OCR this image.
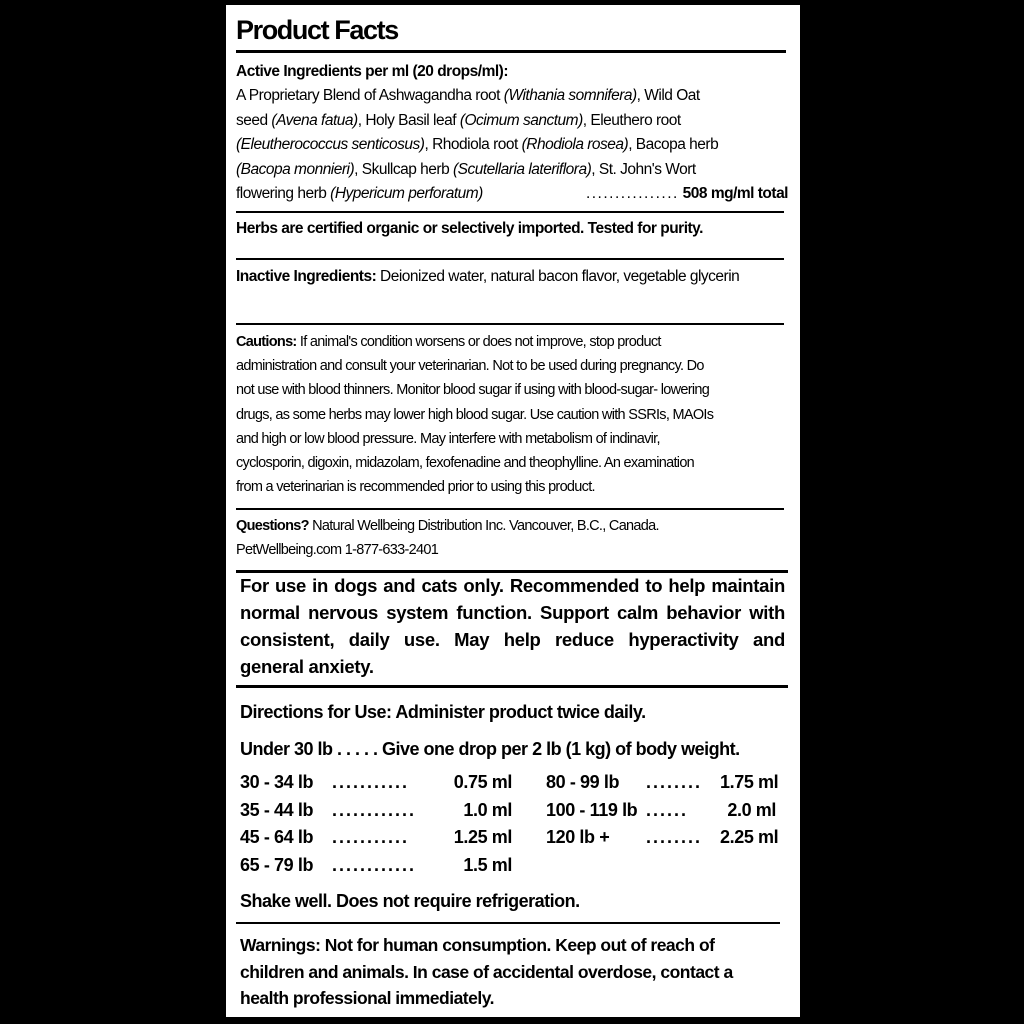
Product Facts
Active Ingredients per ml (20 drops/ml):
A Proprietary Blend of Ashwagandha root (Withania somnifera), Wild Oat
seed (Avena fatua), Holy Basil leaf (Ocimum sanctum), Eleuthero root
(Eleutherococcus senticosus), Rhodiola root (Rhodiola rosea), Bacopa herb
(Bacopa monnieri), Skullcap herb (Scutellaria lateriflora), St. John's Wort
flowering herb (Hypericum perforatum)	................ 508 mg/ml total
Herbs are certified organic or selectively imported. Tested for purity.
Inactive Ingredients: Deionized water, natural bacon flavor, vegetable glycerin
Cautions: If animal's condition worsens or does not improve, stop product
administration and consult your veterinarian. Not to be used during pregnancy. Do
not use with blood thinners. Monitor blood sugar if using with blood-sugar- lowering
drugs, as some herbs may lower high blood sugar. Use caution with SSRIs, MAOIs
and high or low blood pressure. May interfere with metabolism of indinavir,
cyclosporin, digoxin, midazolam, fexofenadine and theophylline. An examination
from a veterinarian is recommended prior to using this product.
Questions? Natural Wellbeing Distribution Inc. Vancouver, B.C., Canada.
PetWellbeing.com 1-877-633-2401
For use in dogs and cats only. Recommended to help maintain normal nervous system function. Support calm behavior with consistent, daily use. May help reduce hyperactivity and general anxiety.
Directions for Use: Administer product twice daily.
Under 30 lb . . . . . Give one drop per 2 lb (1 kg) of body weight.
30 - 34 lb	...........	0.75 ml
35 - 44 lb	............	1.0 ml
45 - 64 lb	...........	1.25 ml
65 - 79 lb	............	1.5 ml
80 - 99 lb	........ 1.75 ml
100 - 119 lb ......	2.0 ml
120 lb +	........ 2.25 ml
Shake well. Does not require refrigeration.
Warnings: Not for human consumption. Keep out of reach of
children and animals. In case of accidental overdose, contact a
health professional immediately.
